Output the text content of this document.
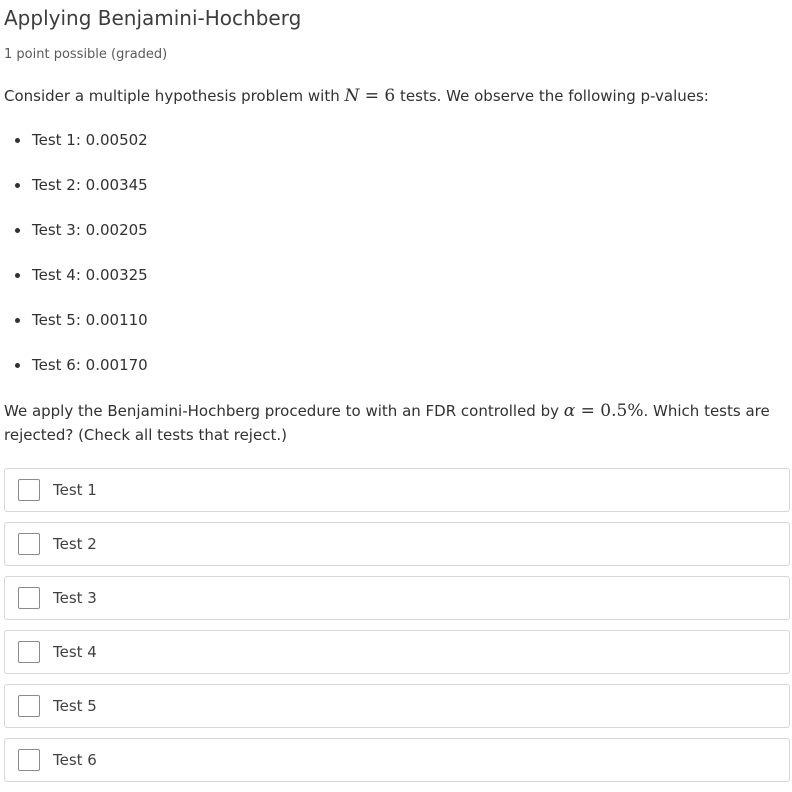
Applying Benjamini-Hochberg
1 point possible (graded)

Consider a multiple hypothesis problem with N = 6 tests. We observe the following p-values:

Test 1: 0.00502
Test 2: 0.00345
Test 3: 0.00205
Test 4: 0.00325
Test 5: 0.00110
Test 6: 0.00170

We apply the Benjamini-Hochberg procedure to with an FDR controlled by α = 0.5%. Which tests are rejected? (Check all tests that reject.)

Test 1
Test 2
Test 3
Test 4
Test 5
Test 6
